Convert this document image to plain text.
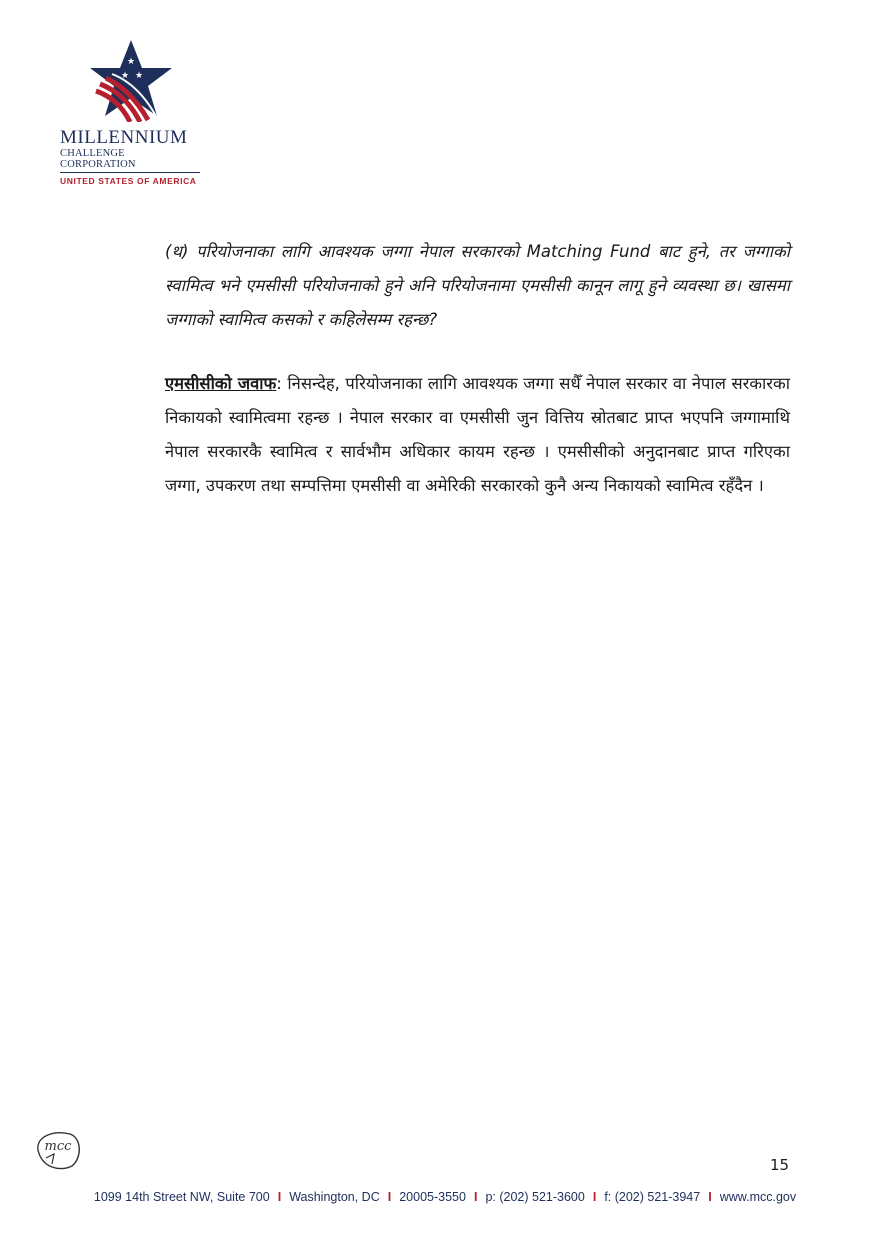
★
★ ★
MILLENNIUM
CHALLENGE CORPORATION
UNITED STATES OF AMERICA

(थ) परियोजनाका लागि आवश्यक जग्गा नेपाल सरकारको Matching Fund बाट हुने, तर जग्गाको स्वामित्व भने एमसीसी परियोजनाको हुने अनि परियोजनामा एमसीसी कानून लागू हुने व्यवस्था छ। खासमा जग्गाको स्वामित्व कसको र कहिलेसम्म रहन्छ?

एमसीसीको जवाफ: निसन्देह, परियोजनाका लागि आवश्यक जग्गा सधैँ नेपाल सरकार वा नेपाल सरकारका निकायको स्वामित्वमा रहन्छ । नेपाल सरकार वा एमसीसी जुन वित्तिय स्रोतबाट प्राप्त भएपनि जग्गामाथि नेपाल सरकारकै स्वामित्व र सार्वभौम अधिकार कायम रहन्छ । एमसीसीको अनुदानबाट प्राप्त गरिएका जग्गा, उपकरण तथा सम्पत्तिमा एमसीसी वा अमेरिकी सरकारको कुनै अन्य निकायको स्वामित्व रहँदैन ।

mcc
15
1099 14th Street NW, Suite 700 I Washington, DC I 20005-3550 I p: (202) 521-3600 I f: (202) 521-3947 I www.mcc.gov
